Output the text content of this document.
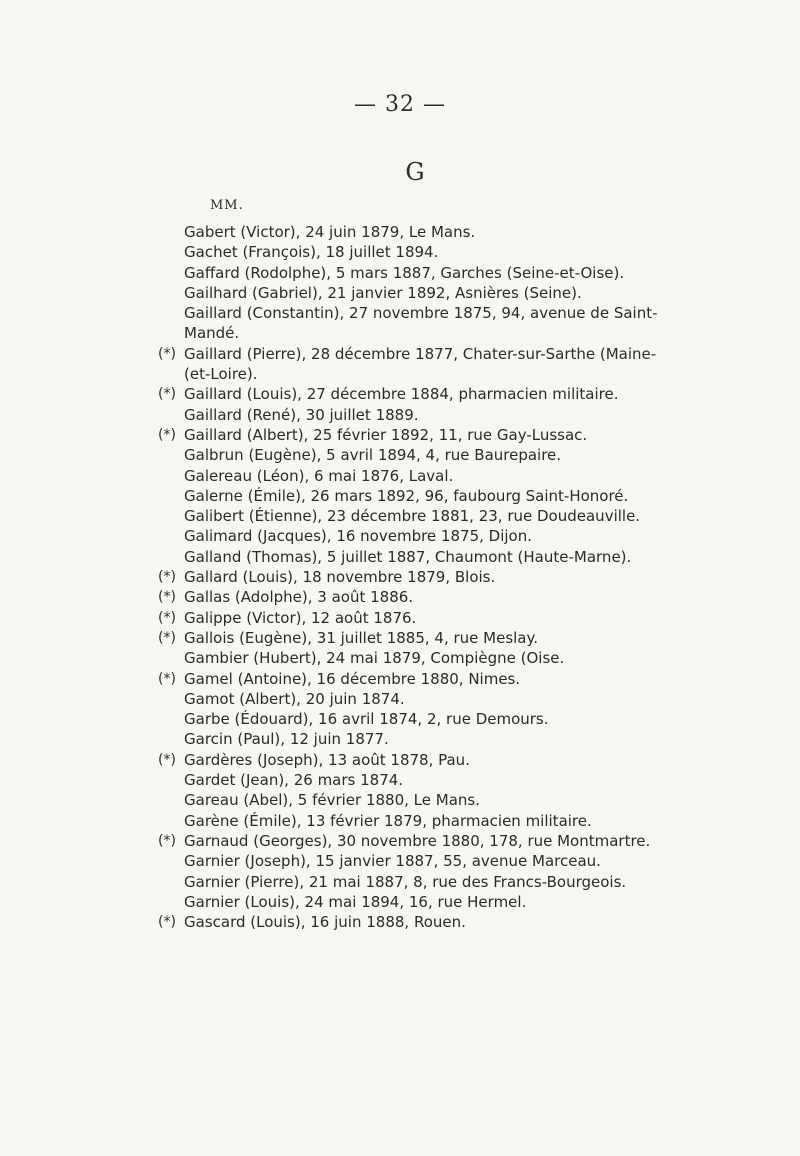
— 32 —
G
MM.
Gabert (Victor), 24 juin 1879, Le Mans.
Gachet (François), 18 juillet 1894.
Gaffard (Rodolphe), 5 mars 1887, Garches (Seine-et-Oise).
Gailhard (Gabriel), 21 janvier 1892, Asnières (Seine).
Gaillard (Constantin), 27 novembre 1875, 94, avenue de Saint-
Mandé.
(*) Gaillard (Pierre), 28 décembre 1877, Chater-sur-Sarthe (Maine-
(et-Loire).
(*) Gaillard (Louis), 27 décembre 1884, pharmacien militaire.
Gaillard (René), 30 juillet 1889.
(*) Gaillard (Albert), 25 février 1892, 11, rue Gay-Lussac.
Galbrun (Eugène), 5 avril 1894, 4, rue Baurepaire.
Galereau (Léon), 6 mai 1876, Laval.
Galerne (Émile), 26 mars 1892, 96, faubourg Saint-Honoré.
Galibert (Étienne), 23 décembre 1881, 23, rue Doudeauville.
Galimard (Jacques), 16 novembre 1875, Dijon.
Galland (Thomas), 5 juillet 1887, Chaumont (Haute-Marne).
(*) Gallard (Louis), 18 novembre 1879, Blois.
(*) Gallas (Adolphe), 3 août 1886.
(*) Galippe (Victor), 12 août 1876.
(*) Gallois (Eugène), 31 juillet 1885, 4, rue Meslay.
Gambier (Hubert), 24 mai 1879, Compiègne (Oise.
(*) Gamel (Antoine), 16 décembre 1880, Nimes.
Gamot (Albert), 20 juin 1874.
Garbe (Édouard), 16 avril 1874, 2, rue Demours.
Garcin (Paul), 12 juin 1877.
(*) Gardères (Joseph), 13 août 1878, Pau.
Gardet (Jean), 26 mars 1874.
Gareau (Abel), 5 février 1880, Le Mans.
Garène (Émile), 13 février 1879, pharmacien militaire.
(*) Garnaud (Georges), 30 novembre 1880, 178, rue Montmartre.
Garnier (Joseph), 15 janvier 1887, 55, avenue Marceau.
Garnier (Pierre), 21 mai 1887, 8, rue des Francs-Bourgeois.
Garnier (Louis), 24 mai 1894, 16, rue Hermel.
(*) Gascard (Louis), 16 juin 1888, Rouen.
